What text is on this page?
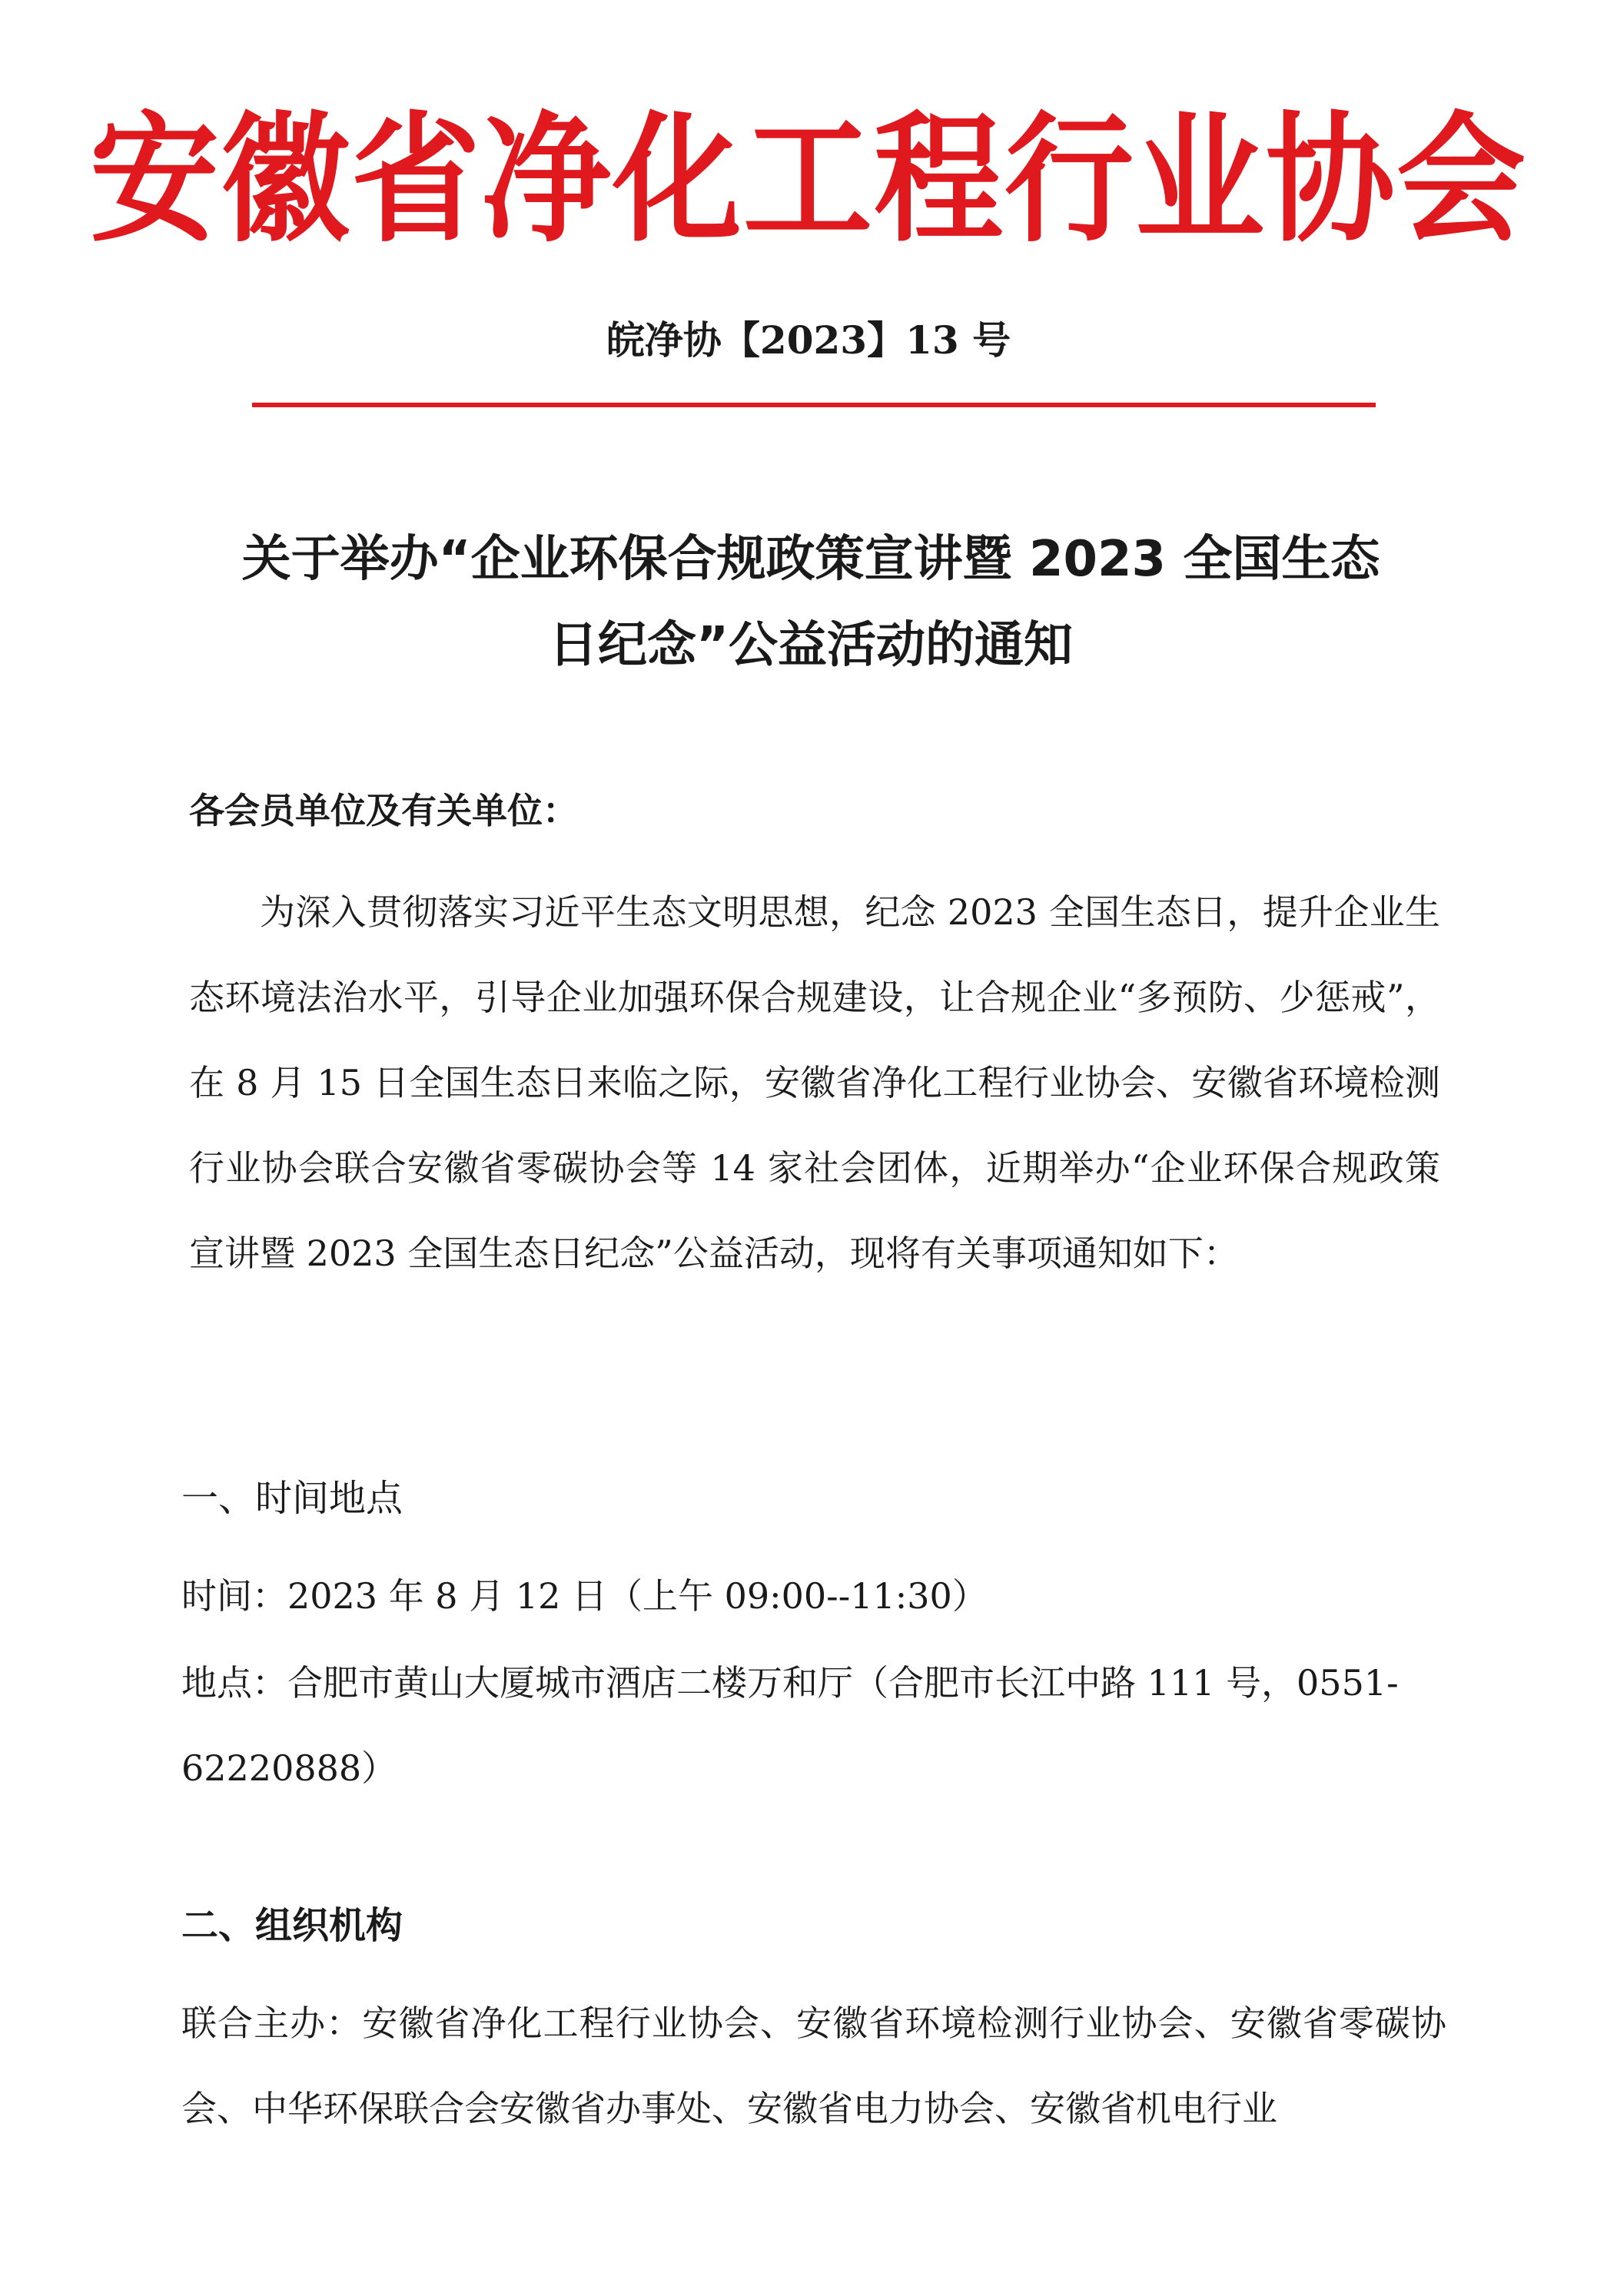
安徽省净化工程行业协会
皖净协【2023】13 号
关于举办“企业环保合规政策宣讲暨 2023 全国生态
日纪念”公益活动的通知
各会员单位及有关单位：

为深入贯彻落实习近平生态文明思想，纪念 2023 全国生态日，提升企业生态环境法治水平，引导企业加强环保合规建设，让合规企业“多预防、少惩戒”，在 8 月 15 日全国生态日来临之际，安徽省净化工程行业协会、安徽省环境检测行业协会联合安徽省零碳协会等 14 家社会团体，近期举办“企业环保合规政策宣讲暨 2023 全国生态日纪念”公益活动，现将有关事项通知如下：

一、时间地点

时间：2023 年 8 月 12 日（上午 09:00--11:30）

地点：合肥市黄山大厦城市酒店二楼万和厅（合肥市长江中路 111 号，0551-62220888）

二、组织机构

联合主办：安徽省净化工程行业协会、安徽省环境检测行业协会、安徽省零碳协会、中华环保联合会安徽省办事处、安徽省电力协会、安徽省机电行业
